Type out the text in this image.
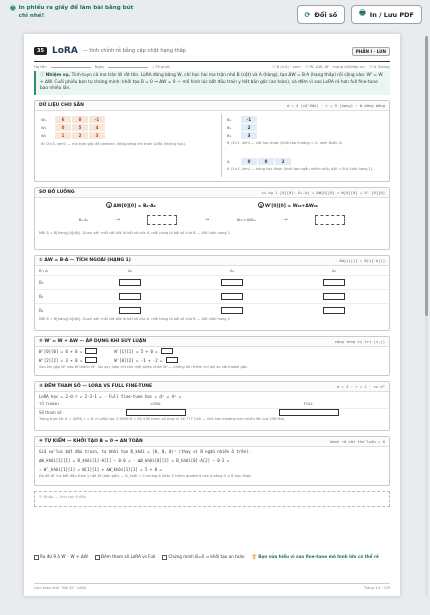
🖶 In phiếu ra giấy để làm bài bằng bút chì nhé!	⟳ Đổi số	🖶 In / Lưu PDF
35 LoRA — tinh chỉnh rẻ bằng cập nhật hạng thấp	PHẦN I · LUN
Họ tên	Ngày	/ 75 phút	B (×4) · xem	W, ΔW, W' · trọng số/thấp ưu	A (hàng)
ⓘ Nhiệm vụ. Tinh-tuyn cả ma trận W rất tốn. LoRA đóng băng W, chỉ học hai ma trận nhỏ B (cột) và A (hàng), tạo ΔW = B·A (hạng thấp) rồi cộng vào: W' = W + ΔW. Cuối phiếu bạn tự chứng minh: khởi tạo B = 0 ⇒ ΔW = 0 — mô hình lúc bắt đầu train y hệt bản gốc (an toàn), và đếm vì sao LoRA rẻ hơn full fine-tune bao nhiêu lần.
DỮ LIỆU CHO SẴN	d = 4 (cổ đầu) · r = 5 (hạng) · W đóng băng
W₀	6	8	-1
W₁	0	5	4
W₂	1	2	3
W (3×3, xem) — ma trận gốc đã pretrain, đóng băng khi train LoRA (không học).
B₀	-1
B₁	2
B₂	3
B (3×1, làm) — cột học được (khởi tạo thường = 0, xem Bước 4).
A	0	0	2
A (1×3, làm) — hàng học được (khởi tạo ngẫu nhiên nhỏ; ΔW = B·A luôn hạng 1).
SƠ ĐỒ LUỒNG	ví dụ 1 [0][0]: δ₀-Aj + ΔW[0][0] = W[0][0] + δ' [0][0]
1 ΔW[0][0] = B₀·A₀	2 W'[0][0] = W₀₀+ΔW₀₀
B₀·A₀	→	→	W₀₀+ΔW₀₀	→
Mỗi ô = B[hàng]·A[cột]. Quan sát: mỗi cột ΔW là bội số của A, mỗi hàng là bội số của B — ΔW luôn hạng 1.
① ΔW = B·A — TÍCH NGOÀI (HẠNG 1)	ΔW[i][j] = B[i]·A[j]
B \ A	A₀	A₁	A₂
B₀
B₁
B₂
Mỗi ô = B[hàng]·A[cột]. Quan sát: mỗi cột ΔW là bội số của A, mỗi hàng là bội số của B — ΔW luôn hạng 1.
② W' = W + ΔW — ÁP DỤNG KHI SUY LUẬN	cộng từng vị trí (i,j)
W'[0][0] = 6 + 0 =	W'[1][1] = 5 + 0 =
W'[2][2] = 3 + 0 =	W'[0][2] = -1 + -2 =
Sau khi gộp W' vào W thành W', lúc suy luận chỉ còn một phép nhân W' — không tốn thêm chi phí so với model gốc.
③ ĐẾM THAM SỐ — LORA VS FULL FINE-TUNE	d = 4 · r = 1 · vs d²
LoRA học = 2·d·r = 2·3·1 = · Full fine-tune học = d² = 4² =
TỔ THÀNH	LORA	FULL
Số tham số
Trong thực tế: d = 4096, r = 8 ⇒ LoRA học 2·4096·8 = 65 536 tham số thay vì 16 777 216 — nhỏ hơn khoảng hơn nhiều lần (cỡ 256 lần).
④ TỰ KIỂM — KHỞI TẠO B = 0 ⇒ AN TOÀN	dành rã với thử luôn = 0
Giả sử lúc bắt đầu train, ta khởi tạo B_khởi = (0, 0, 0)ᵀ (thay vì B ngẫu nhiên ở trên).
ΔW_khởi[1][1] = B_khởi[1]·A[1] − 0·0 = · ΔW_khởi[0][2] = B_khởi[0]·A[2] − 0·2 =
⇒ W'_khởi[1][1] = W[1][1] + ΔW_khởi[1][1] = 5 + 0 =
Do đó W' lúc bắt đầu train y hệt W (bản gốc) — B_khởi = 0 nhưng A khác 0 tránh gradient của A bằng 0 ⇒ B học được.
✎ Nháp — tính tay ở đây
Ra đủ 9 ô W' · W + ΔW	Đếm tham số LoRA vs Full	Chứng minh B=0 ⇒ khởi tạo an toàn 🏆 Bạn vừa hiểu vì sao fine-tune mô hình lớn có thể rẻ
Làm toán nhé · Bài 35 · LoRA	Trang 1/1 · 0/9
